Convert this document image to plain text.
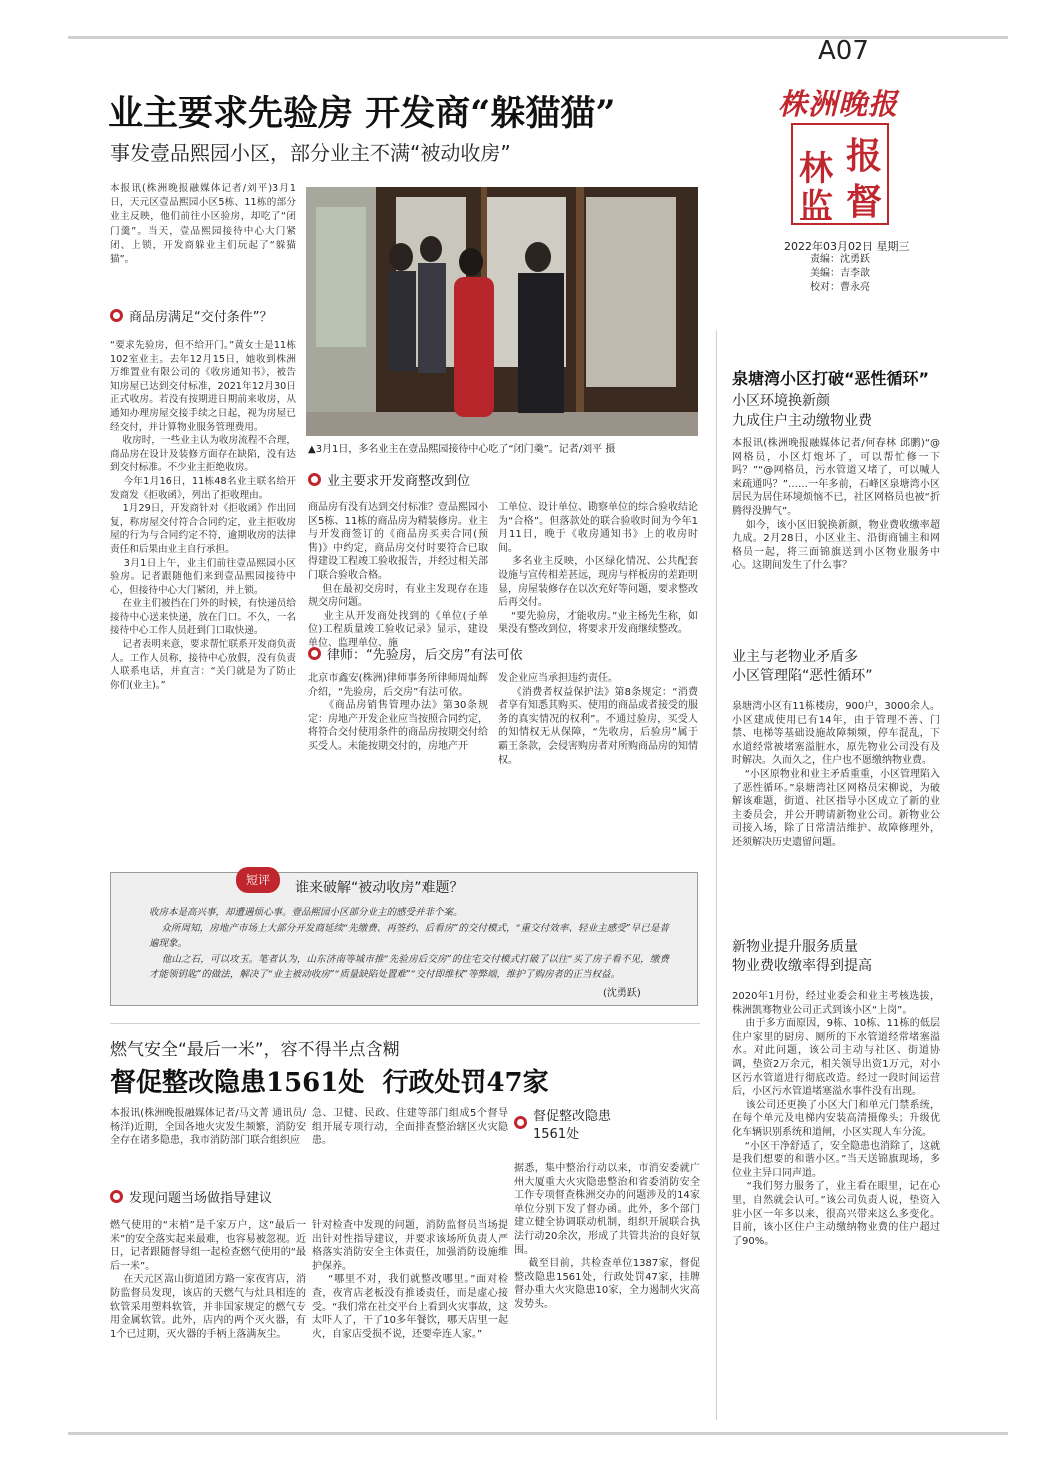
A07
株洲晚报
报
林
监 督
2022年03月02日 星期三
责编：沈勇跃
美编：吉李歆
校对：曹永亮
业主要求先验房 开发商“躲猫猫”
事发壹品熙园小区，部分业主不满“被动收房”
本报讯(株洲晚报融媒体记者/刘平)3月1日，天元区壹品熙园小区5栋、11栋的部分业主反映，他们前往小区验房，却吃了“闭门羹”。当天，壹品熙园接待中心大门紧闭、上锁，开发商躲业主们玩起了“躲猫猫”。
商品房满足“交付条件”？
“要求先验房，但不给开门。”黄女士是11栋102室业主。去年12月15日，她收到株洲万维置业有限公司的《收房通知书》，被告知房屋已达到交付标准，2021年12月30日正式收房。若没有按期进日期前来收房，从通知办理房屋交接手续之日起，视为房屋已经交付，并计算物业服务管理费用。
收房时，一些业主认为收房流程不合理，商品房在设计及装修方面存在缺陷，没有达到交付标准。不少业主拒绝收房。
今年1月16日，11栋48名业主联名给开发商发《拒收函》，列出了拒收理由。
1月29日，开发商针对《拒收函》作出回复，称房屋交付符合合同约定，业主拒收房屋的行为与合同约定不符，逾期收房的法律责任和后果由业主自行承担。
3月1日上午，业主们前往壹品熙园小区验房。记者跟随他们来到壹品熙园接待中心，但接待中心大门紧闭，并上锁。
在业主们被挡在门外的时候，有快递员给接待中心送来快递，放在门口。不久，一名接待中心工作人员赶到门口取快递。
记者表明来意，要求帮忙联系开发商负责人。工作人员称，接待中心放假，没有负责人联系电话，并直言：“关门就是为了防止你们(业主)。”
▲3月1日，多名业主在壹品熙园接待中心吃了“闭门羹”。记者/刘平 摄
业主要求开发商整改到位
商品房有没有达到交付标准？壹品熙园小区5栋、11栋的商品房为精装修房。业主与开发商签订的《商品房买卖合同(预售)》中约定，商品房交付时要符合已取得建设工程竣工验收报告，并经过相关部门联合验收合格。
但在最初交房时，有业主发现存在违规交房问题。
业主从开发商处找到的《单位(子单位)工程质量竣工验收记录》显示，建设单位、监理单位、施
工单位、设计单位、勘察单位的综合验收结论为“合格”。但落款处的联合验收时间为今年1月11日，晚于《收房通知书》上的收房时间。
多名业主反映，小区绿化情况、公共配套设施与宣传相差甚远，现房与样板房的差距明显，房屋装修存在以次充好等问题，要求整改后再交付。
“要先验房，才能收房。”业主杨先生称，如果没有整改到位，将要求开发商继续整改。
律师：“先验房，后交房”有法可依
北京市鑫安(株洲)律师事务所律师周灿辉介绍，“先验房，后交房”有法可依。
《商品房销售管理办法》第30条规定：房地产开发企业应当按照合同约定，将符合交付使用条件的商品房按期交付给买受人。未能按期交付的，房地产开
发企业应当承担违约责任。
《消费者权益保护法》第8条规定：“消费者享有知悉其购买、使用的商品或者接受的服务的真实情况的权利”。不通过验房，买受人的知情权无从保障，“先收房，后验房”属于霸王条款，会侵害购房者对所购商品房的知情权。
短评	谁来破解“被动收房”难题？
收房本是高兴事，却遭遇烦心事。壹品熙园小区部分业主的感受并非个案。
众所周知，房地产市场上大部分开发商延续“先缴费、再签约、后看房”的交付模式，“重交付效率、轻业主感受”早已是普遍现象。
他山之石，可以攻玉。笔者认为，山东济南等城市推“先验房后交房”的住宅交付模式打破了以往“买了房子看不见，缴费才能领钥匙”的做法，解决了“业主被动收房”“质量缺陷处置难”“交付即维权”等弊端，维护了购房者的正当权益。
(沈勇跃)
燃气安全“最后一米”，容不得半点含糊
督促整改隐患1561处  行政处罚47家
本报讯(株洲晚报融媒体记者/马文菁 通讯员/杨洋)近期，全国各地火灾发生频繁，消防安全存在诸多隐患，我市消防部门联合组织应
急、卫健、民政、住建等部门组成5个督导组开展专项行动，全面排查整治辖区火灾隐患。
发现问题当场做指导建议
燃气使用的“末梢”是千家万户，这“最后一米”的安全落实起来最难，也容易被忽视。近日，记者跟随督导组一起检查燃气使用的“最后一米”。
在天元区嵩山街道团方路一家夜宵店，消防监督员发现，该店的天燃气与灶具相连的软管采用塑料软管，并非国家规定的燃气专用金属软管。此外，店内的两个灭火器，有1个已过期，灭火器的手柄上落满灰尘。
针对检查中发现的问题，消防监督员当场提出针对性指导建议，并要求该场所负责人严格落实消防安全主体责任，加强消防设施维护保养。
“哪里不对，我们就整改哪里。”面对检查，夜宵店老板没有推诿责任，而是虚心接受。“我们常在社交平台上看到火灾事故，这太吓人了，干了10多年餐饮，哪天店里一起火，自家店受损不说，还要牵连人家。”
督促整改隐患1561处
据悉，集中整治行动以来，市消安委就广州大厦重大火灾隐患整治和省委消防安全工作专项督查株洲交办的问题涉及的14家单位分别下发了督办函。此外，多个部门建立健全协调联动机制，组织开展联合执法行动20余次，形成了共管共治的良好氛围。
截至目前，共检查单位1387家，督促整改隐患1561处，行政处罚47家，挂牌督办重大火灾隐患10家，全力遏制火灾高发势头。
泉塘湾小区打破“恶性循环”
小区环境换新颜
九成住户主动缴物业费
本报讯(株洲晚报融媒体记者/何春林 邱鹏)“@网格员，小区灯炮坏了，可以帮忙修一下吗？”“@网格员，污水管道又堵了，可以喊人来疏通吗？”……一年多前，石峰区泉塘湾小区居民为居住环境烦恼不已，社区网格员也被“折腾得没脾气”。
如今，该小区旧貌换新颜，物业费收缴率超九成。2月28日，小区业主、沿街商铺主和网格员一起，将三面锦旗送到小区物业服务中心。这期间发生了什么事？
业主与老物业矛盾多
小区管理陷“恶性循环”
泉塘湾小区有11栋楼房，900户，3000余人。小区建成使用已有14年，由于管理不善、门禁、电梯等基础设施故障频频，停车混乱，下水道经常被堵塞溢脏水，原先物业公司没有及时解决。久而久之，住户也不愿缴纳物业费。
“小区原物业和业主矛盾重重，小区管理陷入了恶性循环。”泉塘湾社区网格员宋柳说，为破解该难题，街道、社区指导小区成立了新的业主委员会，并公开聘请新物业公司。新物业公司接入场，除了日常清洁维护、故障修理外，还须解决历史遗留问题。
新物业提升服务质量
物业费收缴率得到提高
2020年1月份，经过业委会和业主考核选拔，株洲凯骞物业公司正式到该小区“上岗”。
由于多方面原因，9栋、10栋、11栋的低层住户家里的厨房、厕所的下水管道经常堵塞溢水。对此问题，该公司主动与社区、街道协调，垫资2万余元，相关领导出资1万元，对小区污水管道进行彻底改造。经过一段时间运营后，小区污水管道堵塞溢水事件没有出现。
该公司还更换了小区大门和单元门禁系统，在每个单元及电梯内安装高清摄像头；升级优化车辆识别系统和道闸，小区实现人车分流。
“小区干净舒适了，安全隐患也消除了，这就是我们想要的和谐小区。”当天送锦旗现场，多位业主异口同声道。
“我们努力服务了，业主看在眼里，记在心里，自然就会认可。”该公司负责人说，垫资入驻小区一年多以来，很高兴带来这么多变化。目前，该小区住户主动缴纳物业费的住户超过了90%。
